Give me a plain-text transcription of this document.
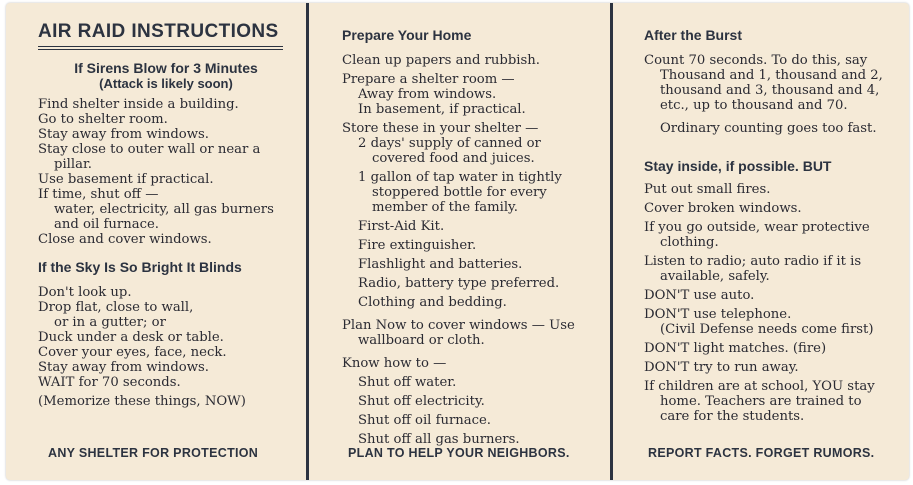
AIR RAID INSTRUCTIONS
If Sirens Blow for 3 Minutes
(Attack is likely soon)
Find shelter inside a building.
Go to shelter room.
Stay away from windows.
Stay close to outer wall or near a
pillar.
Use basement if practical.
If time, shut off —
water, electricity, all gas burners
and oil furnace.
Close and cover windows.
If the Sky Is So Bright It Blinds
Don't look up.
Drop flat, close to wall,
or in a gutter; or
Duck under a desk or table.
Cover your eyes, face, neck.
Stay away from windows.
WAIT for 70 seconds.
(Memorize these things, NOW)
ANY SHELTER FOR PROTECTION
Prepare Your Home
Clean up papers and rubbish.
Prepare a shelter room —
Away from windows.
In basement, if practical.
Store these in your shelter —
2 days' supply of canned or
covered food and juices.
1 gallon of tap water in tightly
stoppered bottle for every
member of the family.
First-Aid Kit.
Fire extinguisher.
Flashlight and batteries.
Radio, battery type preferred.
Clothing and bedding.
Plan Now to cover windows — Use
wallboard or cloth.
Know how to —
Shut off water.
Shut off electricity.
Shut off oil furnace.
Shut off all gas burners.
PLAN TO HELP YOUR NEIGHBORS.
After the Burst
Count 70 seconds. To do this, say
Thousand and 1, thousand and 2,
thousand and 3, thousand and 4,
etc., up to thousand and 70.
Ordinary counting goes too fast.
Stay inside, if possible. BUT
Put out small fires.
Cover broken windows.
If you go outside, wear protective
clothing.
Listen to radio; auto radio if it is
available, safely.
DON'T use auto.
DON'T use telephone.
(Civil Defense needs come first)
DON'T light matches. (fire)
DON'T try to run away.
If children are at school, YOU stay
home. Teachers are trained to
care for the students.
REPORT FACTS. FORGET RUMORS.
